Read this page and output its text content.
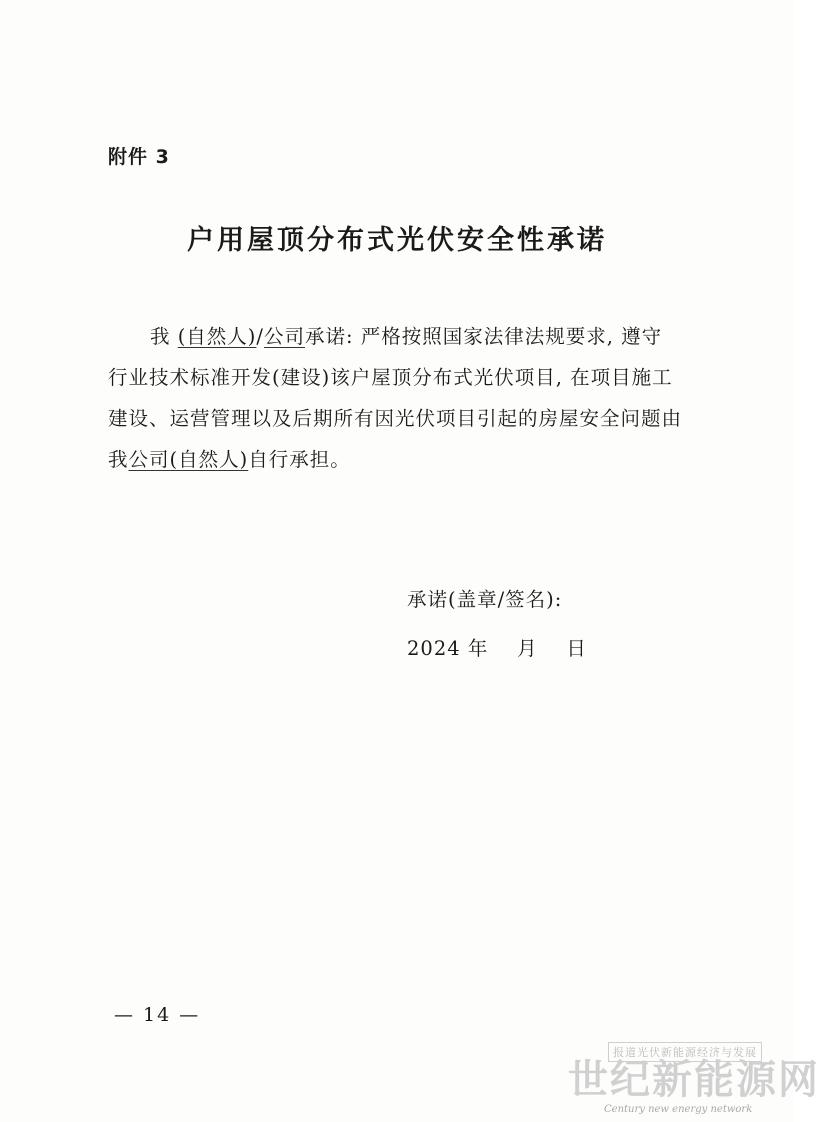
附件 3
户用屋顶分布式光伏安全性承诺
我 (自然人)/公司承诺: 严格按照国家法律法规要求, 遵守
行业技术标准开发(建设)该户屋顶分布式光伏项目, 在项目施工
建设、运营管理以及后期所有因光伏项目引起的房屋安全问题由
我公司(自然人)自行承担。
承诺(盖章/签名):
2024 年    月    日
— 14 —
报道光伏新能源经济与发展
世纪新能源网
Century new energy network
